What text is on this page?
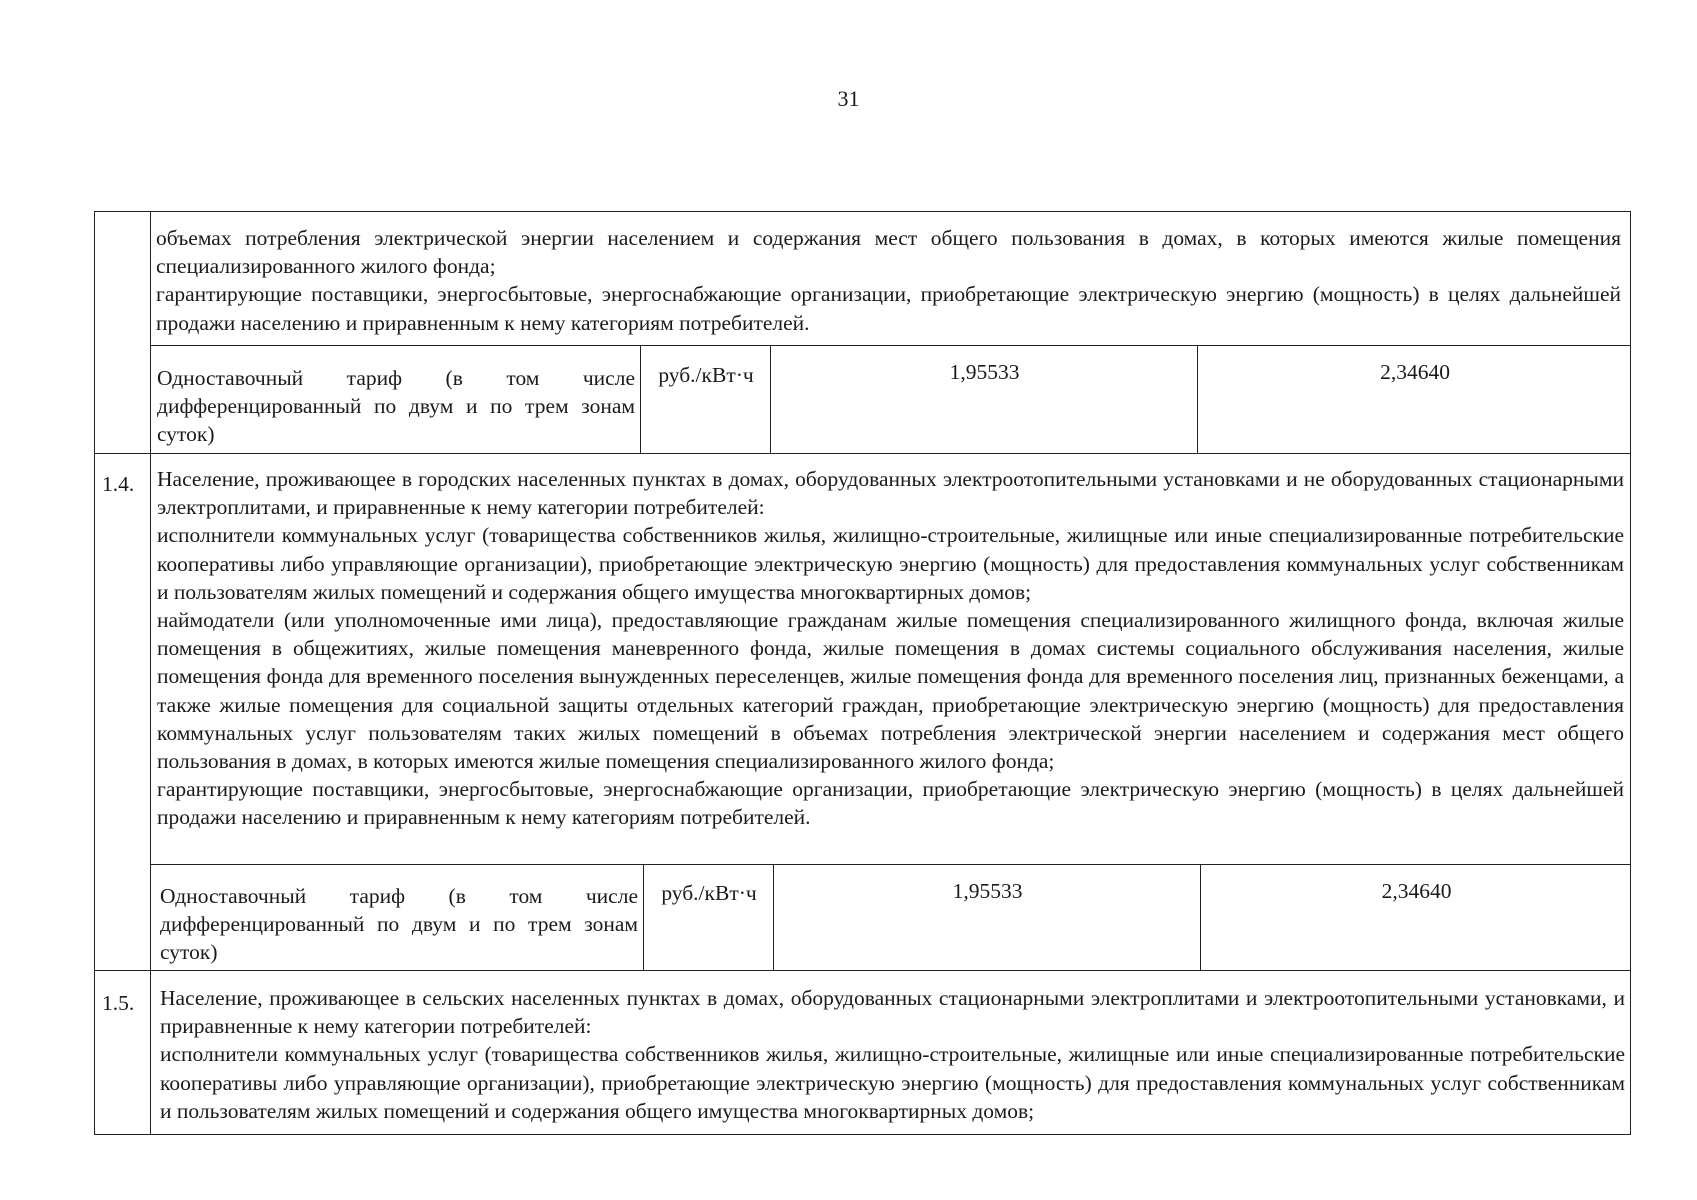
31

объемах потребления электрической энергии населением и содержания мест общего пользования в домах, в которых имеются жилые помещения специализированного жилого фонда;

гарантирующие поставщики, энергосбытовые, энергоснабжающие организации, приобретающие электрическую энергию (мощность) в целях дальнейшей продажи населению и приравненным к нему категориям потребителей.

Одноставочный тариф (в том числе дифференцированный по двум и по трем зонам суток)
руб./кВт·ч	1,95533	2,34640
1.4. Население, проживающее в городских населенных пунктах в домах, оборудованных электроотопительными установками и не оборудованных стационарными электроплитами, и приравненные к нему категории потребителей:

исполнители коммунальных услуг (товарищества собственников жилья, жилищно-строительные, жилищные или иные специализированные потребительские кооперативы либо управляющие организации), приобретающие электрическую энергию (мощность) для предоставления коммунальных услуг собственникам и пользователям жилых помещений и содержания общего имущества многоквартирных домов;

наймодатели (или уполномоченные ими лица), предоставляющие гражданам жилые помещения специализированного жилищного фонда, включая жилые помещения в общежитиях, жилые помещения маневренного фонда, жилые помещения в домах системы социального обслуживания населения, жилые помещения фонда для временного поселения вынужденных переселенцев, жилые помещения фонда для временного поселения лиц, признанных беженцами, а также жилые помещения для социальной защиты отдельных категорий граждан, приобретающие электрическую энергию (мощность) для предоставления коммунальных услуг пользователям таких жилых помещений в объемах потребления электрической энергии населением и содержания мест общего пользования в домах, в которых имеются жилые помещения специализированного жилого фонда;

гарантирующие поставщики, энергосбытовые, энергоснабжающие организации, приобретающие электрическую энергию (мощность) в целях дальнейшей продажи населению и приравненным к нему категориям потребителей.

Одноставочный тариф (в том числе дифференцированный по двум и по трем зонам суток)
руб./кВт·ч	1,95533	2,34640
1.5. Население, проживающее в сельских населенных пунктах в домах, оборудованных стационарными электроплитами и электроотопительными установками, и приравненные к нему категории потребителей:

исполнители коммунальных услуг (товарищества собственников жилья, жилищно-строительные, жилищные или иные специализированные потребительские кооперативы либо управляющие организации), приобретающие электрическую энергию (мощность) для предоставления коммунальных услуг собственникам и пользователям жилых помещений и содержания общего имущества многоквартирных домов;
